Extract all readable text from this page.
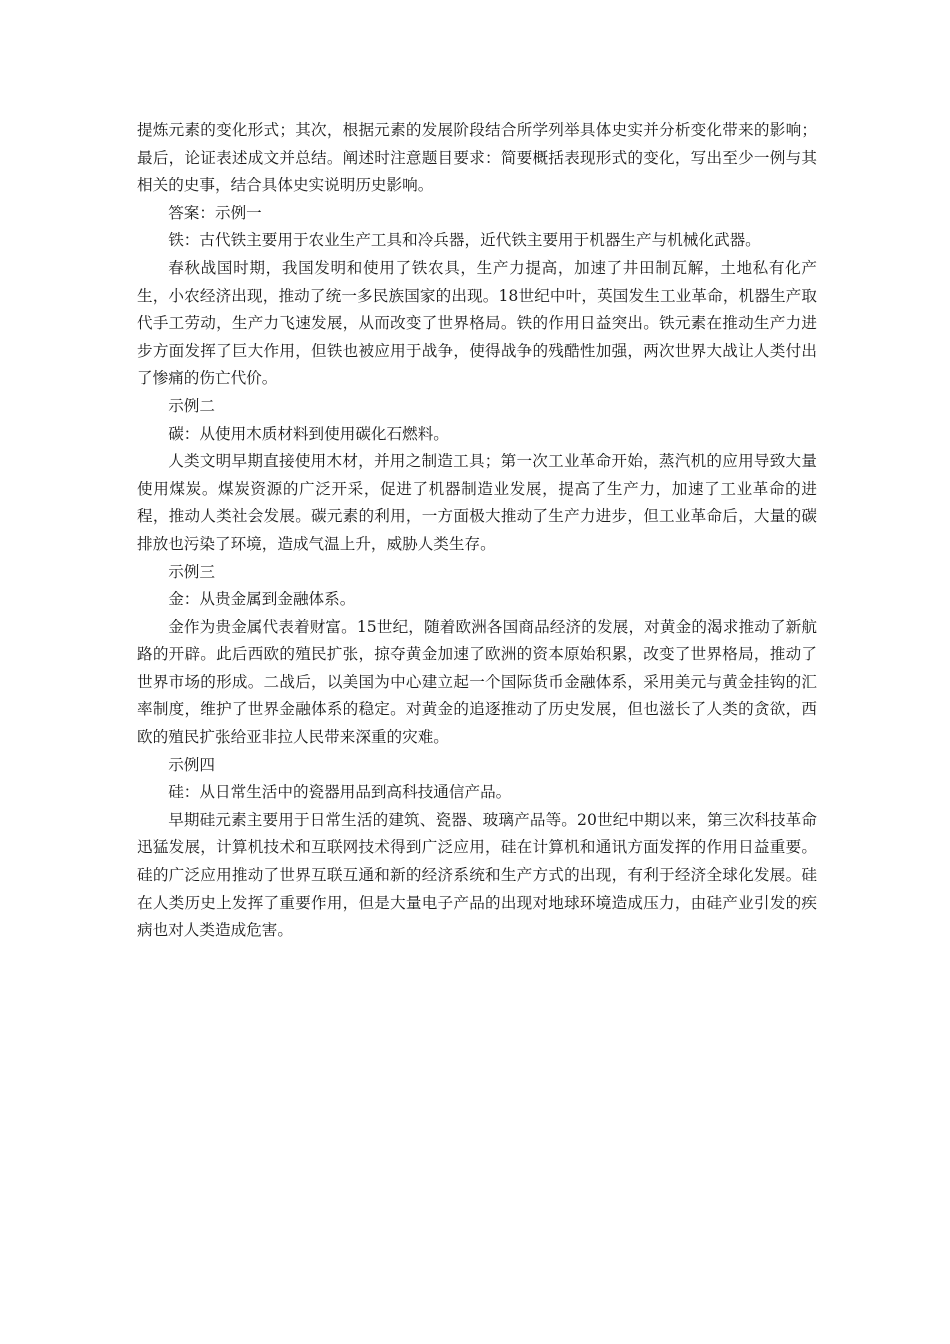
提炼元素的变化形式；其次，根据元素的发展阶段结合所学列举具体史实并分析变化带来的影响；最后，论证表述成文并总结。阐述时注意题目要求：简要概括表现形式的变化，写出至少一例与其相关的史事，结合具体史实说明历史影响。

答案：示例一

铁：古代铁主要用于农业生产工具和冷兵器，近代铁主要用于机器生产与机械化武器。

春秋战国时期，我国发明和使用了铁农具，生产力提高，加速了井田制瓦解，土地私有化产生，小农经济出现，推动了统一多民族国家的出现。18世纪中叶，英国发生工业革命，机器生产取代手工劳动，生产力飞速发展，从而改变了世界格局。铁的作用日益突出。铁元素在推动生产力进步方面发挥了巨大作用，但铁也被应用于战争，使得战争的残酷性加强，两次世界大战让人类付出了惨痛的伤亡代价。

示例二

碳：从使用木质材料到使用碳化石燃料。

人类文明早期直接使用木材，并用之制造工具；第一次工业革命开始，蒸汽机的应用导致大量使用煤炭。煤炭资源的广泛开采，促进了机器制造业发展，提高了生产力，加速了工业革命的进程，推动人类社会发展。碳元素的利用，一方面极大推动了生产力进步，但工业革命后，大量的碳排放也污染了环境，造成气温上升，威胁人类生存。

示例三

金：从贵金属到金融体系。

金作为贵金属代表着财富。15世纪，随着欧洲各国商品经济的发展，对黄金的渴求推动了新航路的开辟。此后西欧的殖民扩张，掠夺黄金加速了欧洲的资本原始积累，改变了世界格局，推动了世界市场的形成。二战后，以美国为中心建立起一个国际货币金融体系，采用美元与黄金挂钩的汇率制度，维护了世界金融体系的稳定。对黄金的追逐推动了历史发展，但也滋长了人类的贪欲，西欧的殖民扩张给亚非拉人民带来深重的灾难。

示例四

硅：从日常生活中的瓷器用品到高科技通信产品。

早期硅元素主要用于日常生活的建筑、瓷器、玻璃产品等。20世纪中期以来，第三次科技革命迅猛发展，计算机技术和互联网技术得到广泛应用，硅在计算机和通讯方面发挥的作用日益重要。硅的广泛应用推动了世界互联互通和新的经济系统和生产方式的出现，有利于经济全球化发展。硅在人类历史上发挥了重要作用，但是大量电子产品的出现对地球环境造成压力，由硅产业引发的疾病也对人类造成危害。
